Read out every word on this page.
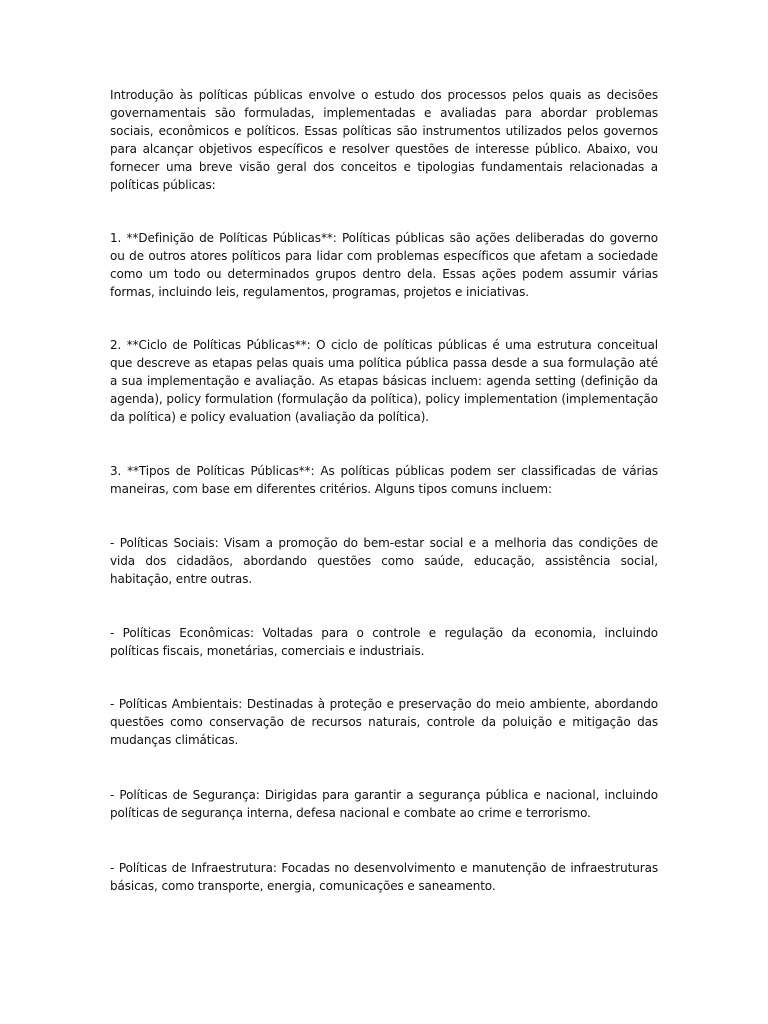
Introdução às políticas públicas envolve o estudo dos processos pelos quais as decisões governamentais são formuladas, implementadas e avaliadas para abordar problemas sociais, econômicos e políticos. Essas políticas são instrumentos utilizados pelos governos para alcançar objetivos específicos e resolver questões de interesse público. Abaixo, vou fornecer uma breve visão geral dos conceitos e tipologias fundamentais relacionadas a políticas públicas:

1. **Definição de Políticas Públicas**: Políticas públicas são ações deliberadas do governo ou de outros atores políticos para lidar com problemas específicos que afetam a sociedade como um todo ou determinados grupos dentro dela. Essas ações podem assumir várias formas, incluindo leis, regulamentos, programas, projetos e iniciativas.

2. **Ciclo de Políticas Públicas**: O ciclo de políticas públicas é uma estrutura conceitual que descreve as etapas pelas quais uma política pública passa desde a sua formulação até a sua implementação e avaliação. As etapas básicas incluem: agenda setting (definição da agenda), policy formulation (formulação da política), policy implementation (implementação da política) e policy evaluation (avaliação da política).

3. **Tipos de Políticas Públicas**: As políticas públicas podem ser classificadas de várias maneiras, com base em diferentes critérios. Alguns tipos comuns incluem:

- Políticas Sociais: Visam a promoção do bem-estar social e a melhoria das condições de vida dos cidadãos, abordando questões como saúde, educação, assistência social, habitação, entre outras.

- Políticas Econômicas: Voltadas para o controle e regulação da economia, incluindo políticas fiscais, monetárias, comerciais e industriais.

- Políticas Ambientais: Destinadas à proteção e preservação do meio ambiente, abordando questões como conservação de recursos naturais, controle da poluição e mitigação das mudanças climáticas.

- Políticas de Segurança: Dirigidas para garantir a segurança pública e nacional, incluindo políticas de segurança interna, defesa nacional e combate ao crime e terrorismo.

- Políticas de Infraestrutura: Focadas no desenvolvimento e manutenção de infraestruturas básicas, como transporte, energia, comunicações e saneamento.
